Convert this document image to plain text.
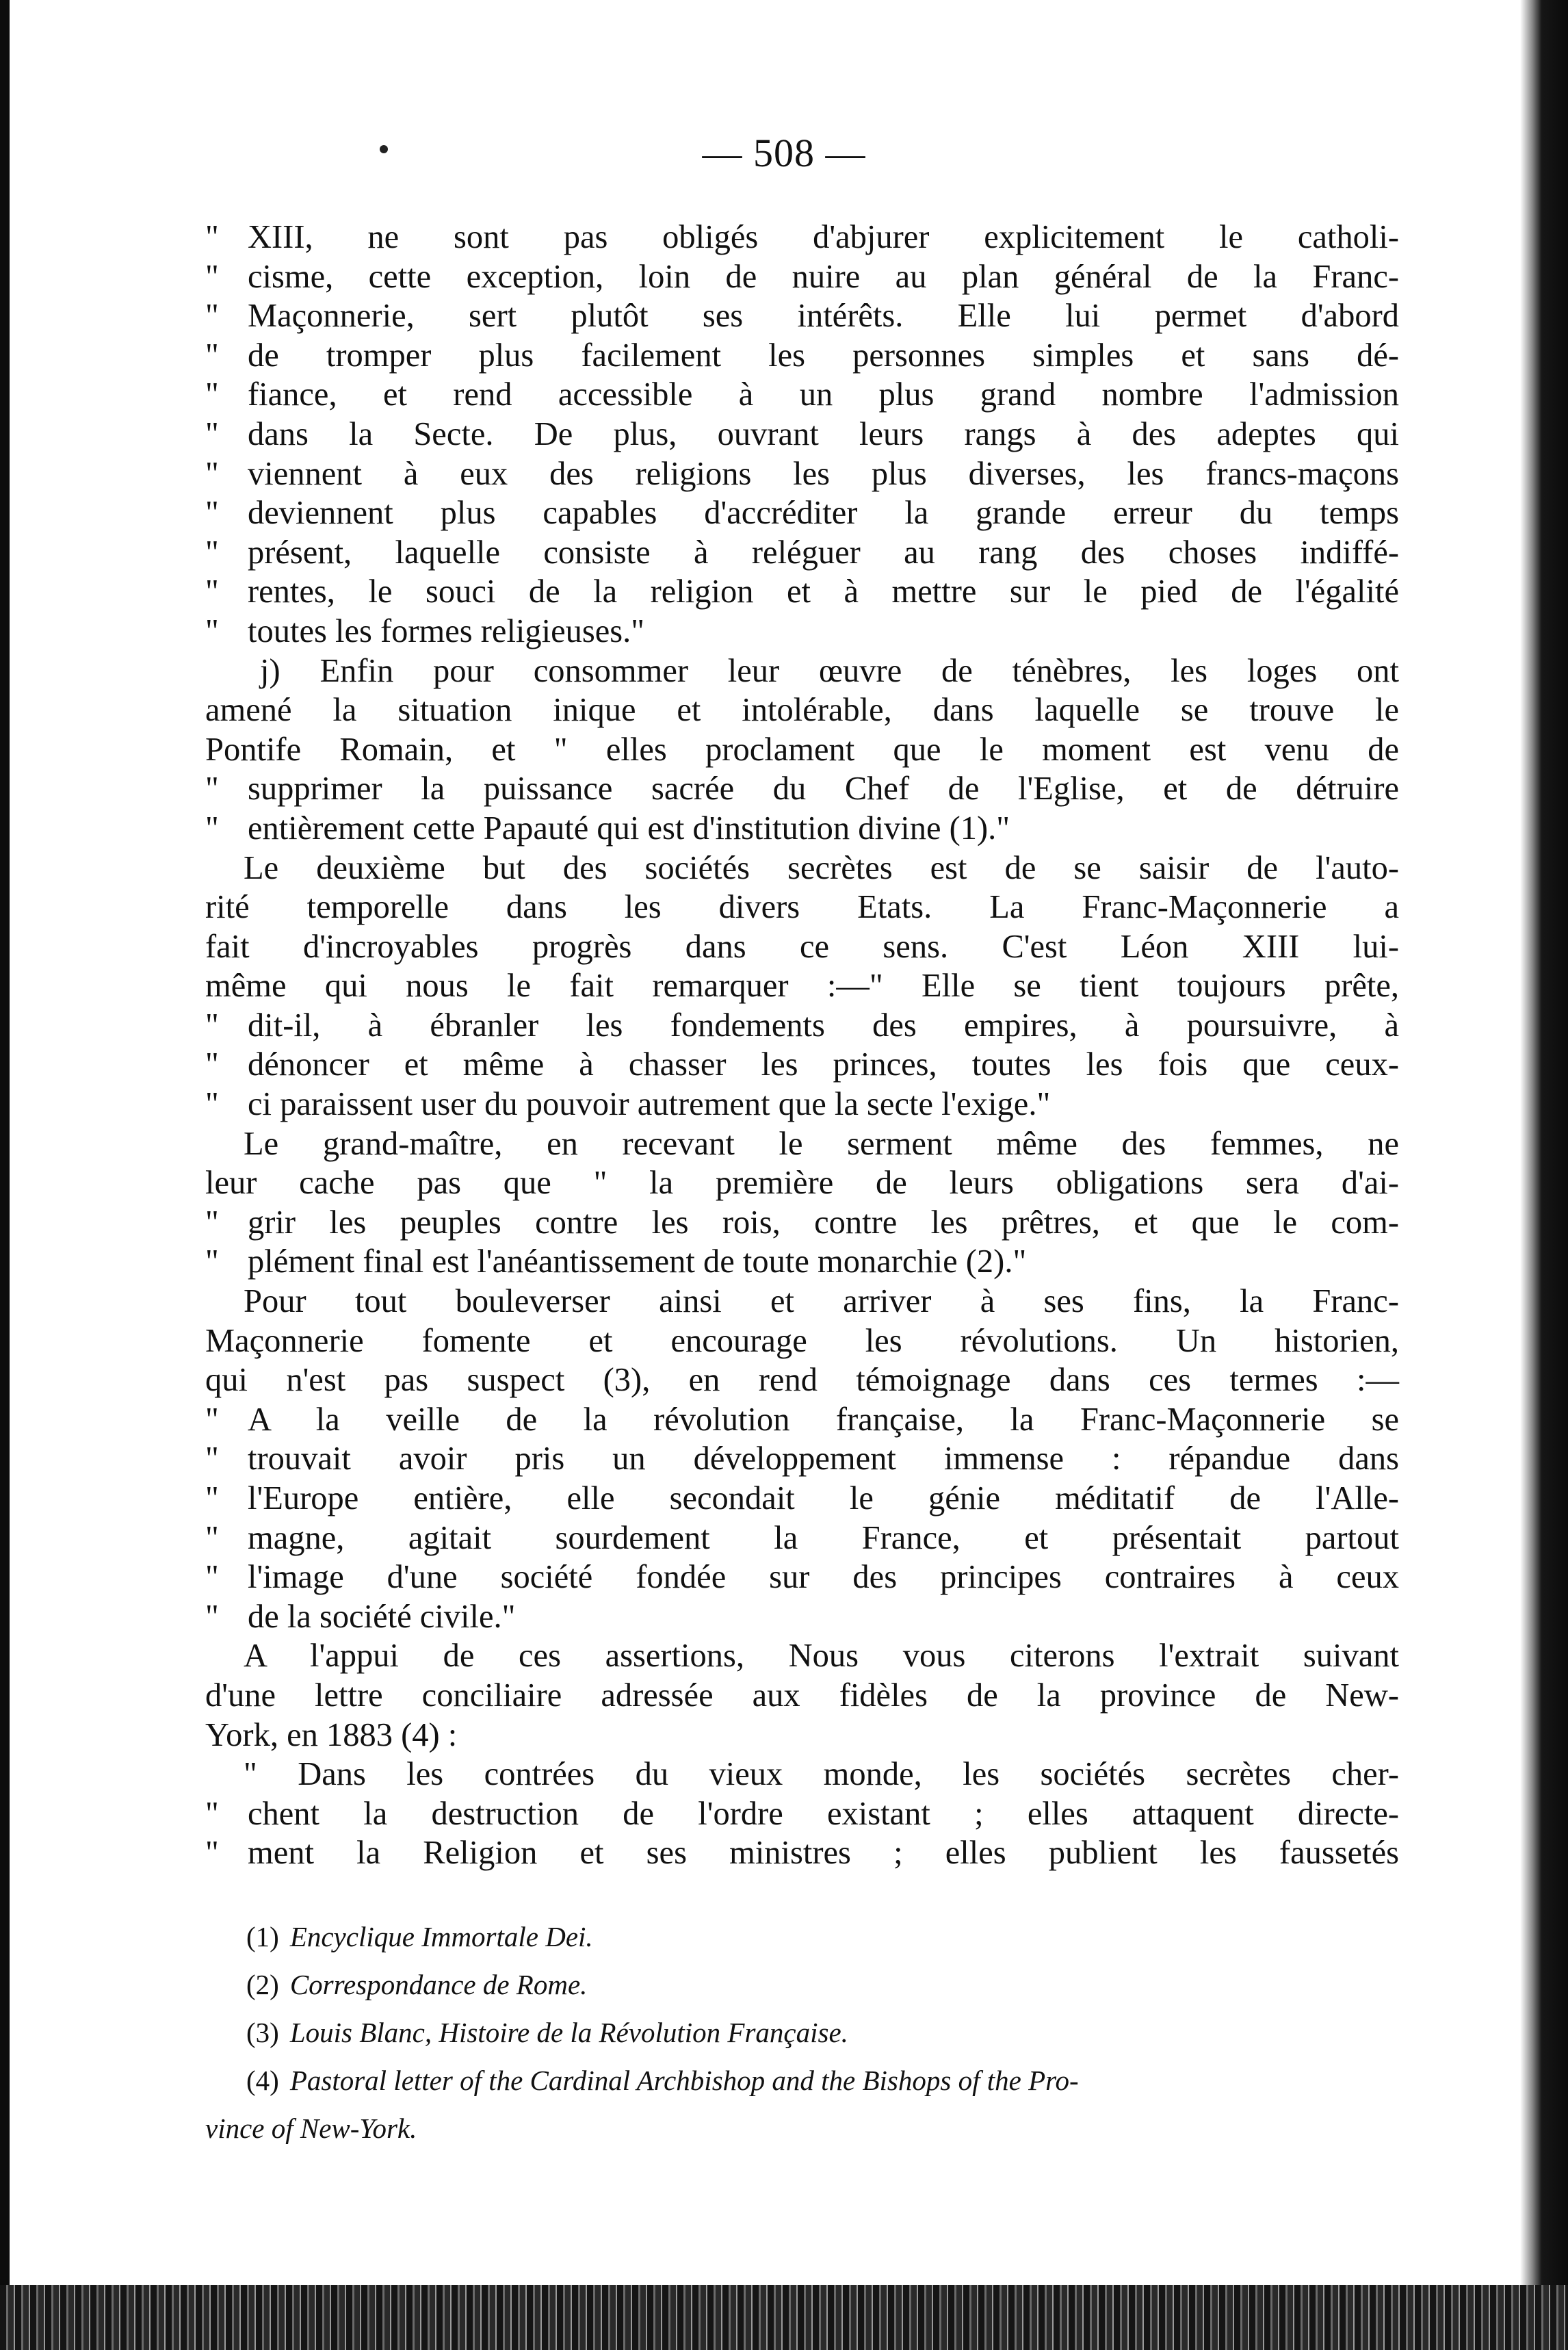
— 508 —
" XIII, ne sont pas obligés d'abjurer explicitement le catholi-
" cisme, cette exception, loin de nuire au plan général de la Franc-
" Maçonnerie, sert plutôt ses intérêts. Elle lui permet d'abord
" de tromper plus facilement les personnes simples et sans dé-
" fiance, et rend accessible à un plus grand nombre l'admission
" dans la Secte. De plus, ouvrant leurs rangs à des adeptes qui
" viennent à eux des religions les plus diverses, les francs-maçons
" deviennent plus capables d'accréditer la grande erreur du temps
" présent, laquelle consiste à reléguer au rang des choses indiffé-
" rentes, le souci de la religion et à mettre sur le pied de l'égalité
" toutes les formes religieuses."
j) Enfin pour consommer leur œuvre de ténèbres, les loges ont
amené la situation inique et intolérable, dans laquelle se trouve le
Pontife Romain, et " elles proclament que le moment est venu de
" supprimer la puissance sacrée du Chef de l'Eglise, et de détruire
" entièrement cette Papauté qui est d'institution divine (1)."
Le deuxième but des sociétés secrètes est de se saisir de l'auto-
rité temporelle dans les divers Etats. La Franc-Maçonnerie a
fait d'incroyables progrès dans ce sens. C'est Léon XIII lui-
même qui nous le fait remarquer :—" Elle se tient toujours prête,
" dit-il, à ébranler les fondements des empires, à poursuivre, à
" dénoncer et même à chasser les princes, toutes les fois que ceux-
" ci paraissent user du pouvoir autrement que la secte l'exige."
Le grand-maître, en recevant le serment même des femmes, ne
leur cache pas que " la première de leurs obligations sera d'ai-
" grir les peuples contre les rois, contre les prêtres, et que le com-
" plément final est l'anéantissement de toute monarchie (2)."
Pour tout bouleverser ainsi et arriver à ses fins, la Franc-
Maçonnerie fomente et encourage les révolutions. Un historien,
qui n'est pas suspect (3), en rend témoignage dans ces termes :—
" A la veille de la révolution française, la Franc-Maçonnerie se
" trouvait avoir pris un développement immense : répandue dans
" l'Europe entière, elle secondait le génie méditatif de l'Alle-
" magne, agitait sourdement la France, et présentait partout
" l'image d'une société fondée sur des principes contraires à ceux
" de la société civile."
A l'appui de ces assertions, Nous vous citerons l'extrait suivant
d'une lettre conciliaire adressée aux fidèles de la province de New-
York, en 1883 (4) :
" Dans les contrées du vieux monde, les sociétés secrètes cher-
" chent la destruction de l'ordre existant ; elles attaquent directe-
" ment la Religion et ses ministres ; elles publient les faussetés
(1) Encyclique Immortale Dei.
(2) Correspondance de Rome.
(3) Louis Blanc, Histoire de la Révolution Française.
(4) Pastoral letter of the Cardinal Archbishop and the Bishops of the Pro-
vince of New-York.
